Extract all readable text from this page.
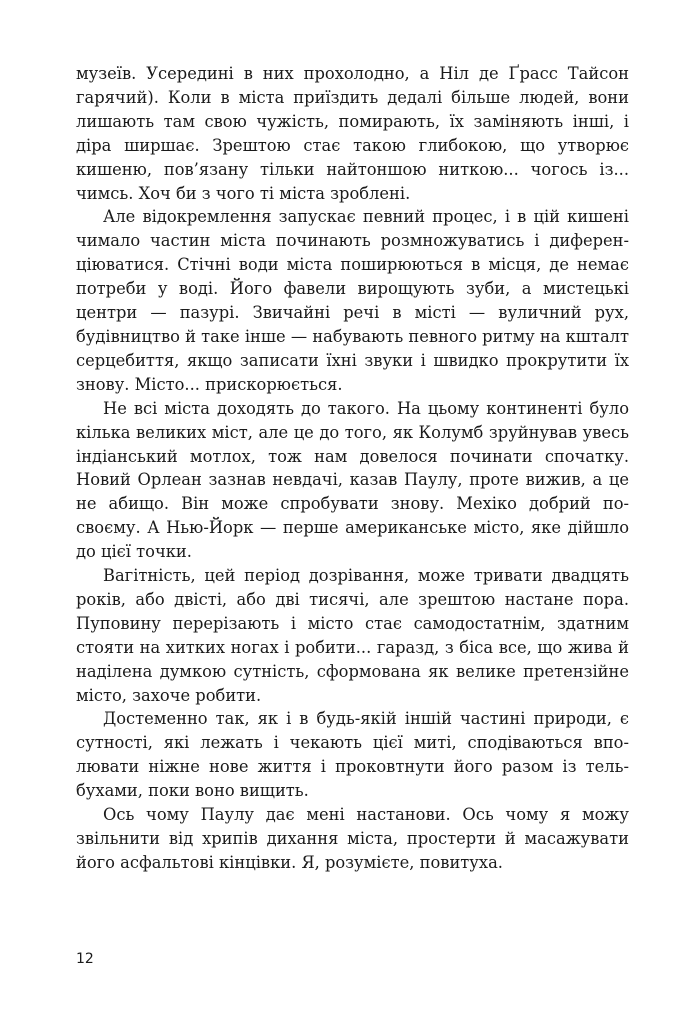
музеїв. Усередині в них прохолодно, а Ніл де Ґрасс Тайсон гарячий). Коли в міста приїздить дедалі більше людей, вони лишають там свою чужість, помирають, їх заміняють інші, і діра ширшає. Зрештою стає такою глибокою, що утворює кишеню, пов’язану тільки найтоншою ниткою... чогось із... чимсь. Хоч би з чого ті міста зроблені.

Але відокремлення запускає певний процес, і в цій кишені чимало частин міста починають розмножуватись і диференціюватися. Стічні води міста поширюються в місця, де немає потреби у воді. Його фавели вирощують зуби, а мистецькі центри — пазурі. Звичайні речі в місті — вуличний рух, будівництво й таке інше — набувають певного ритму на кшталт серцебиття, якщо записати їхні звуки і швидко прокрутити їх знову. Місто... прискорюється.

Не всі міста доходять до такого. На цьому континенті було кілька великих міст, але це до того, як Колумб зруйнував увесь індіанський мотлох, тож нам довелося починати спочатку. Новий Орлеан зазнав невдачі, казав Паулу, проте вижив, а це не абищо. Він може спробувати знову. Мехіко добрий по-своєму. А Нью-Йорк — перше американське місто, яке дійшло до цієї точки.

Вагітність, цей період дозрівання, може тривати двадцять років, або двісті, або дві тисячі, але зрештою настане пора. Пуповину перерізають і місто стає самодостатнім, здатним стояти на хитких ногах і робити... гаразд, з біса все, що жива й наділена думкою сутність, сформована як велике претензійне місто, захоче робити.

Достеменно так, як і в будь-якій іншій частині природи, є сутності, які лежать і чекають цієї миті, сподіваються вполювати ніжне нове життя і проковтнути його разом із тельбухами, поки воно вищить.

Ось чому Паулу дає мені настанови. Ось чому я можу звільнити від хрипів дихання міста, простерти й масажувати його асфальтові кінцівки. Я, розумієте, повитуха.

12
